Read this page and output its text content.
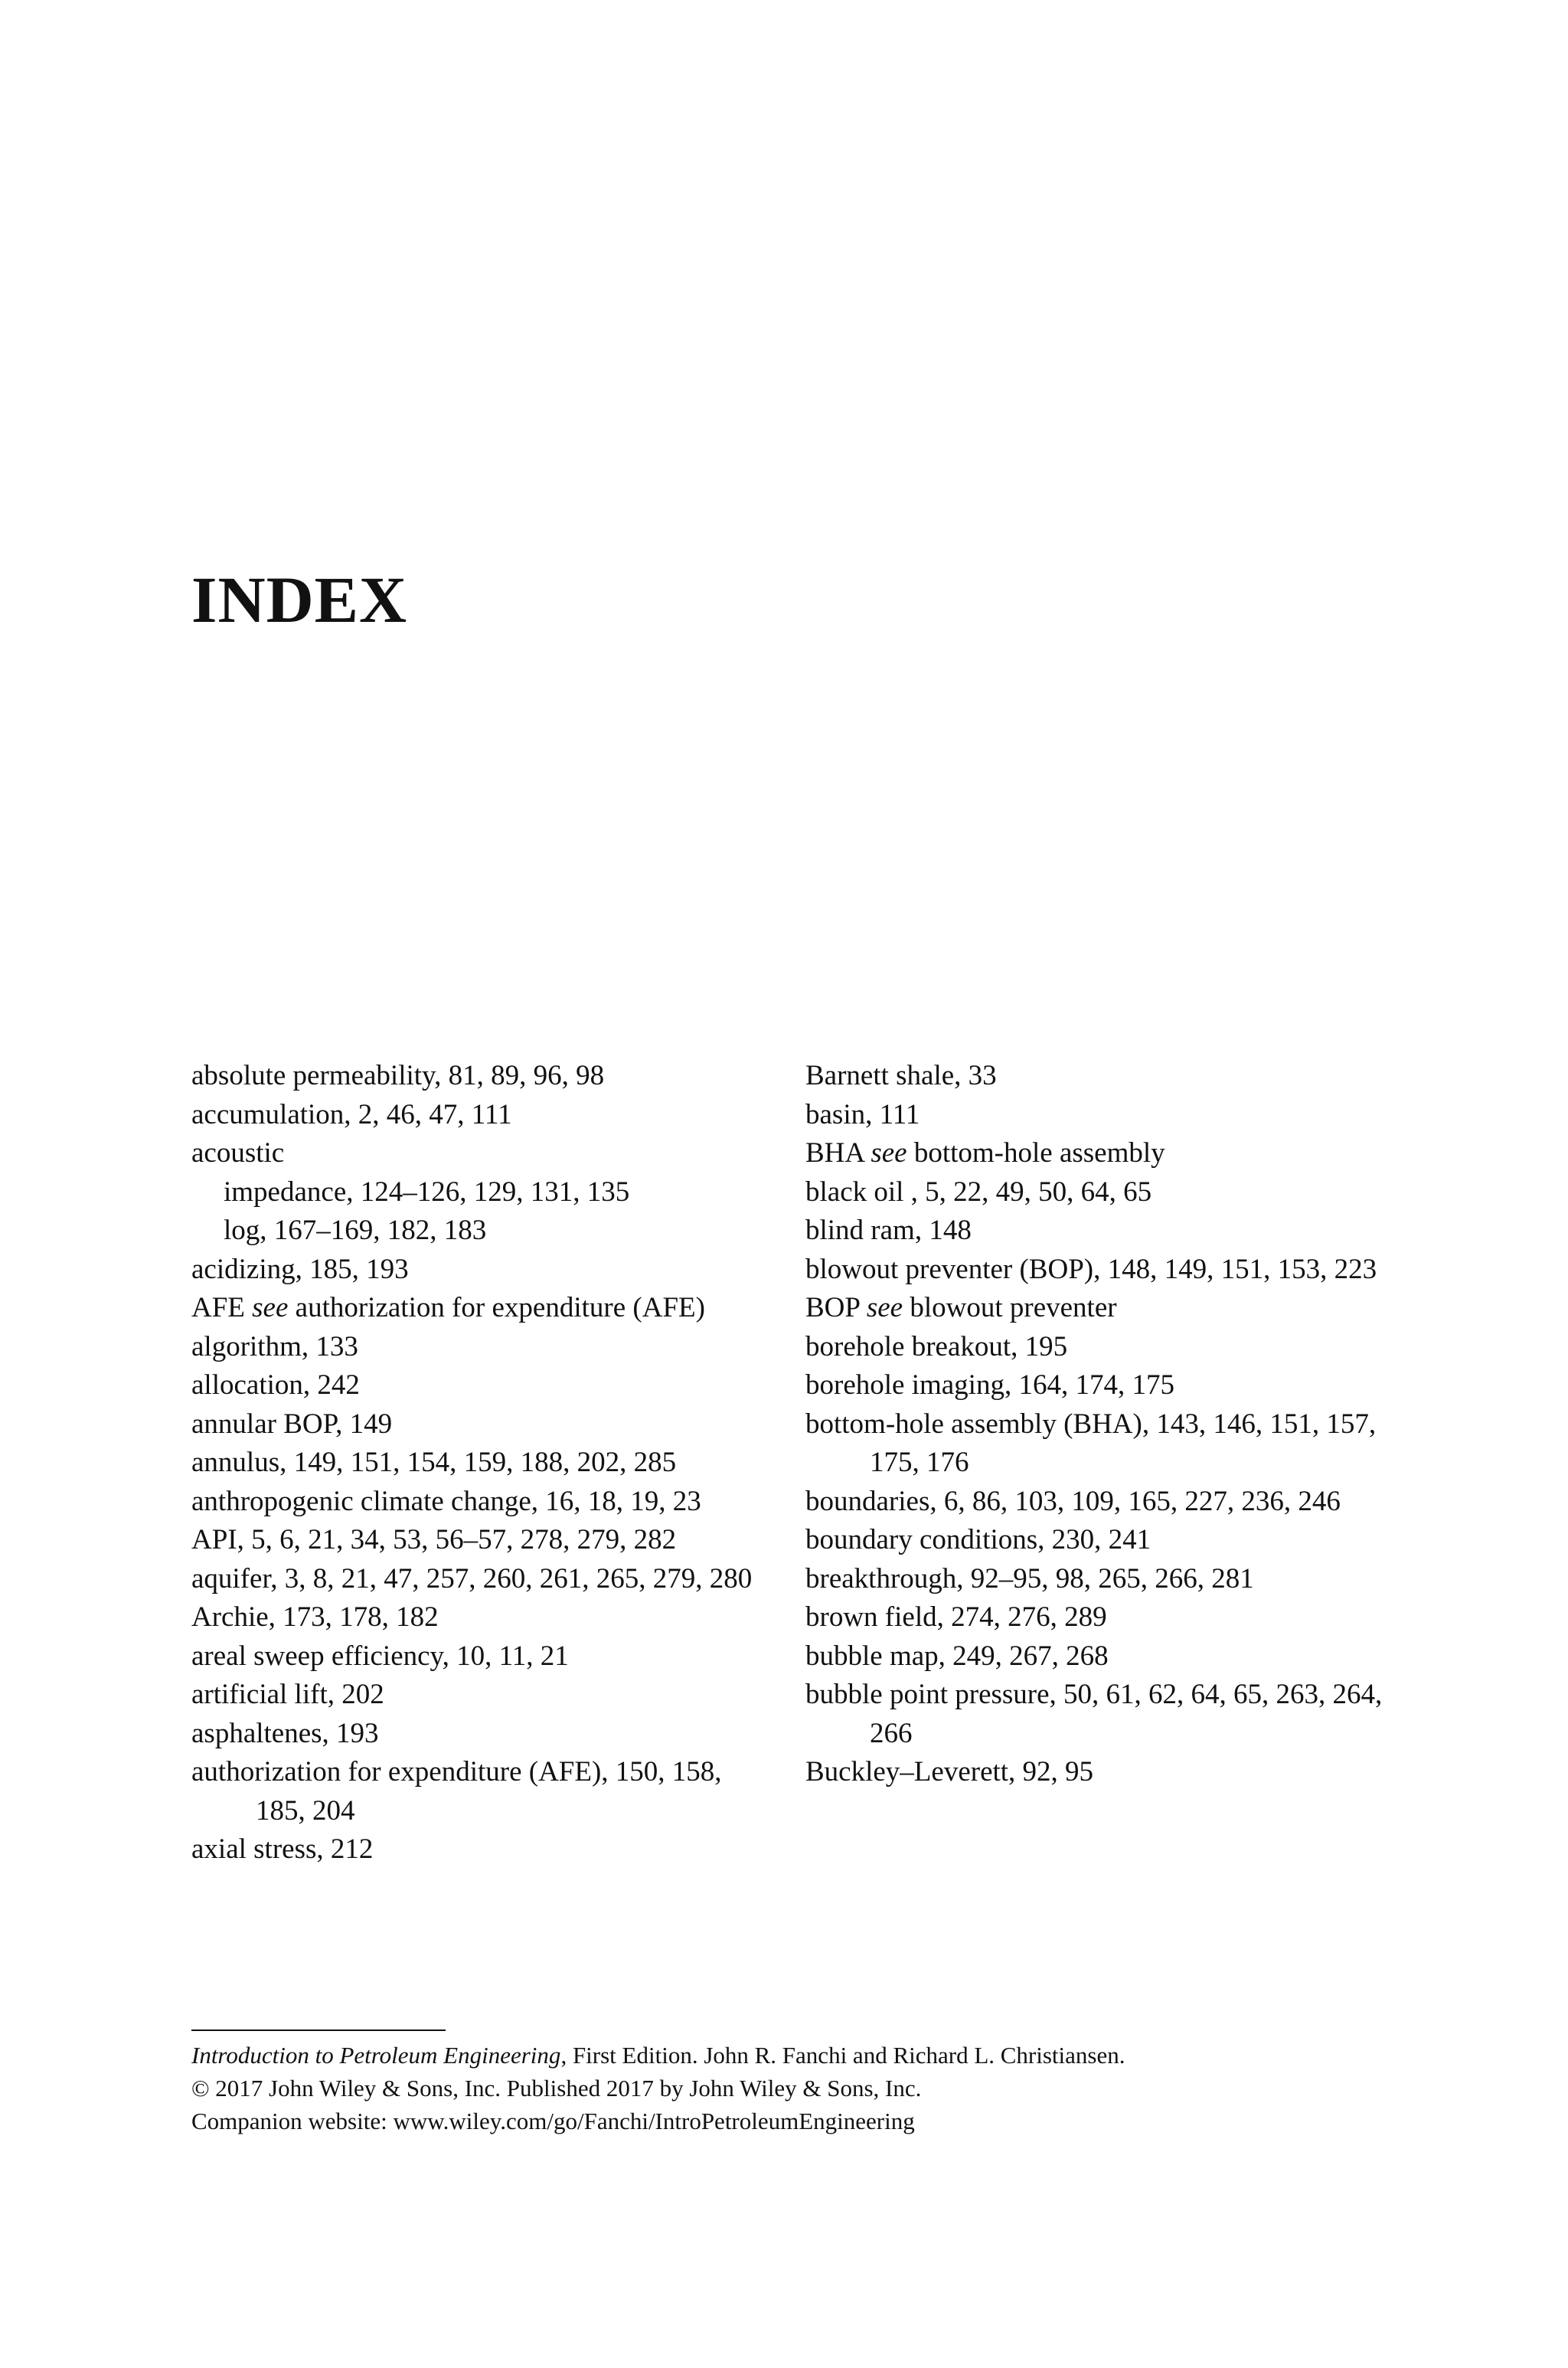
INDEX
absolute permeability, 81, 89, 96, 98
accumulation, 2, 46, 47, 111
acoustic
impedance, 124–126, 129, 131, 135
log, 167–169, 182, 183
acidizing, 185, 193
AFE see authorization for expenditure (AFE)
algorithm, 133
allocation, 242
annular BOP, 149
annulus, 149, 151, 154, 159, 188, 202, 285
anthropogenic climate change, 16, 18, 19, 23
API, 5, 6, 21, 34, 53, 56–57, 278, 279, 282
aquifer, 3, 8, 21, 47, 257, 260, 261, 265, 279, 280
Archie, 173, 178, 182
areal sweep efficiency, 10, 11, 21
artificial lift, 202
asphaltenes, 193
authorization for expenditure (AFE), 150, 158, 185, 204
axial stress, 212
Barnett shale, 33
basin, 111
BHA see bottom-hole assembly
black oil , 5, 22, 49, 50, 64, 65
blind ram, 148
blowout preventer (BOP), 148, 149, 151, 153, 223
BOP see blowout preventer
borehole breakout, 195
borehole imaging, 164, 174, 175
bottom-hole assembly (BHA), 143, 146, 151, 157, 175, 176
boundaries, 6, 86, 103, 109, 165, 227, 236, 246
boundary conditions, 230, 241
breakthrough, 92–95, 98, 265, 266, 281
brown field, 274, 276, 289
bubble map, 249, 267, 268
bubble point pressure, 50, 61, 62, 64, 65, 263, 264, 266
Buckley–Leverett, 92, 95
Introduction to Petroleum Engineering, First Edition. John R. Fanchi and Richard L. Christiansen.
© 2017 John Wiley & Sons, Inc. Published 2017 by John Wiley & Sons, Inc.
Companion website: www.wiley.com/go/Fanchi/IntroPetroleumEngineering
